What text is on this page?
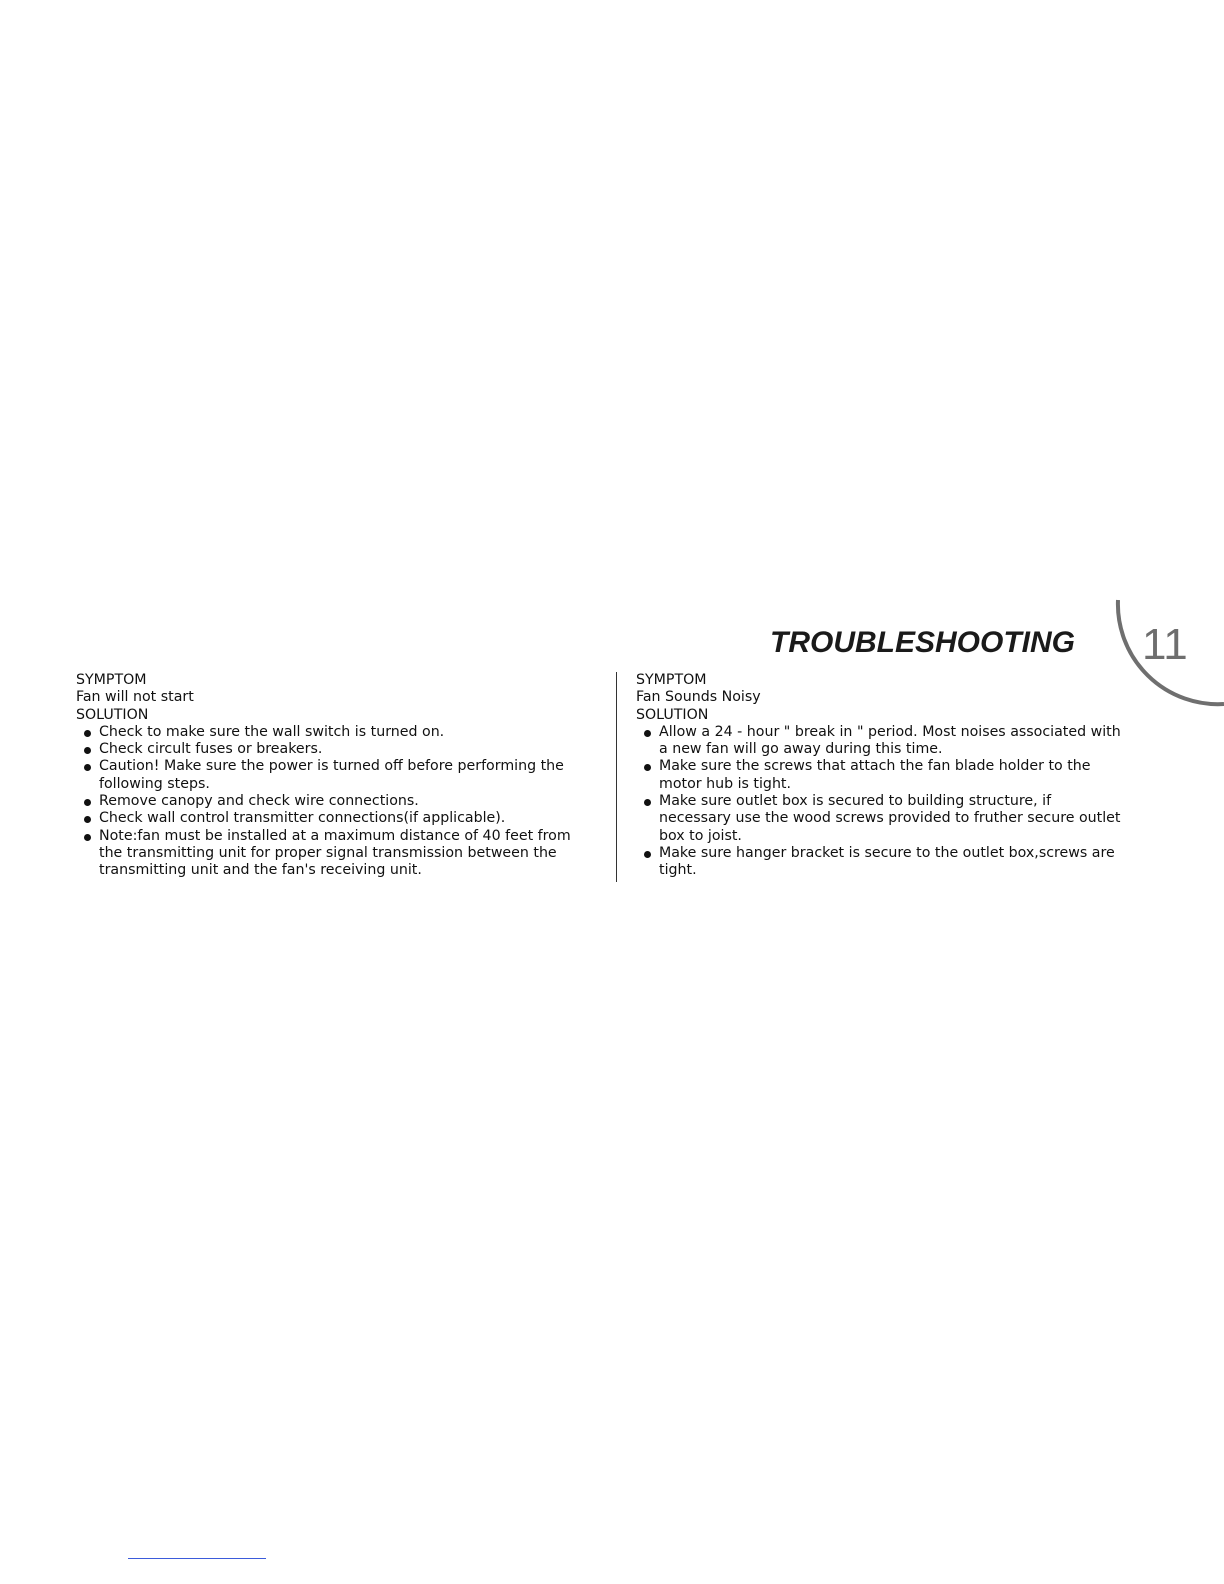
TROUBLESHOOTING 11
SYMPTOM
Fan will not start
SOLUTION
Check to make sure the wall switch is turned on.
Check circult fuses or breakers.
Caution! Make sure the power is turned off before performing the following steps.
Remove canopy and check wire connections.
Check wall control transmitter connections(if applicable).
Note:fan must be installed at a maximum distance of 40 feet from the transmitting unit for proper signal transmission between the transmitting unit and the fan's receiving unit.
SYMPTOM
Fan Sounds Noisy
SOLUTION
Allow a 24 - hour " break in " period. Most noises associated with a new fan will go away during this time.
Make sure the screws that attach the fan blade holder to the motor hub is tight.
Make sure outlet box is secured to building structure, if necessary use the wood screws provided to fruther secure outlet box to joist.
Make sure hanger bracket is secure to the outlet box,screws are tight.
